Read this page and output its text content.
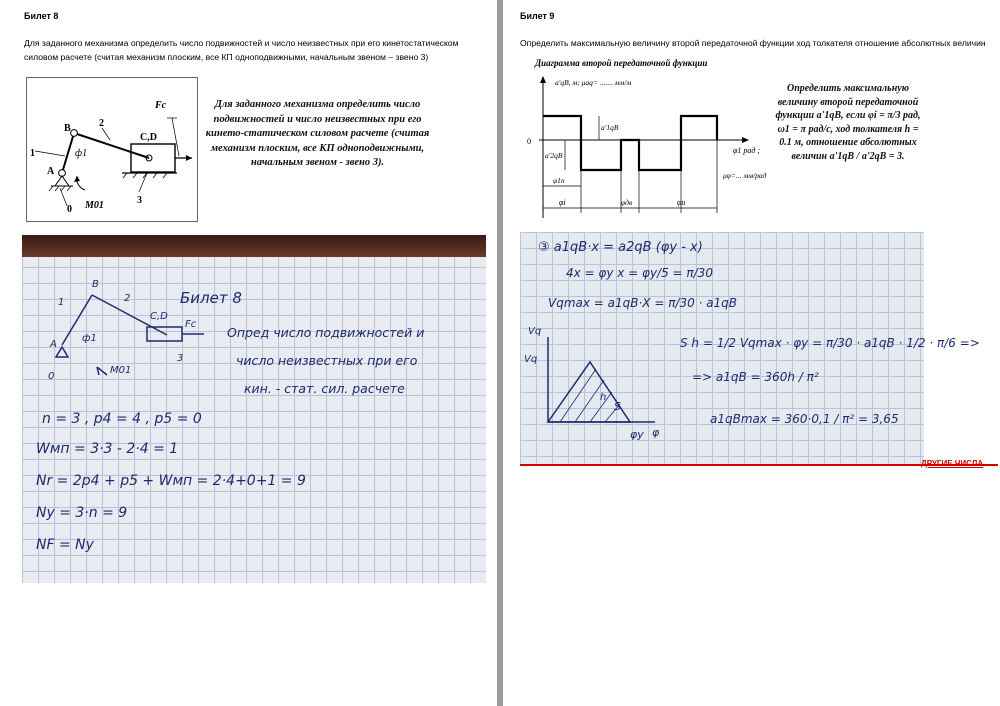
Билет 8
Для заданного механизма определить число подвижностей и число неизвестных при его кинетостатическом силовом расчете (считая механизм плоским, все КП одноподвижными, начальным звеном – звено 3)
B	2
Fc
C,D
1	ф1
A
0 M01	3
Для заданного механизма определить число подвижностей и число неизвестных при его кинето-статическом силовом расчете (считая механизм плоским, все КП одноподвижными, начальным звеном - звено 3).
Билет 8
1
B
2
C,D
Fc
A
ф1
M01
3
0
Опред число подвижностей и
число неизвестных при его
кин. - стат. сил. расчете
n = 3 , p4 = 4 , p5 = 0
Wмп = 3·3 - 2·4 = 1
Nr = 2p4 + p5 + Wмп = 2·4+0+1 = 9
Ny = 3·n = 9
NF = Ny
Билет 9
Определить максимальную величину второй передаточной функции ход толкателя отношение абсолютных величин
Диаграмма второй передаточной функции
a'qB, м; μaq= ....... мм/м
0
a'1qB
a'2qB
φ1 рад ;
φ1п
φi	φдв	φu
μφ=... мм/рад
Определить максимальную величину второй передаточной функции a'1qB, если φi = π/3 рад, ω1 = π рад/с, ход толкателя h = 0.1 м, отношение абсолютных величин a'1qB / a'2qB = 3.
③ a1qB·x = a2qB (φy - x)
4x = φy x = φy/5 = π/30
Vqmax = a1qB·X = π/30 · a1qB
S h = 1/2 Vqmax · φy = π/30 · a1qB · 1/2 · π/6 =>
=> a1qB = 360h / π²
a1qBmax = 360·0,1 / π² = 3,65
Vq
Vq
φy φ
h
S
ДРУГИЕ ЧИСЛА
